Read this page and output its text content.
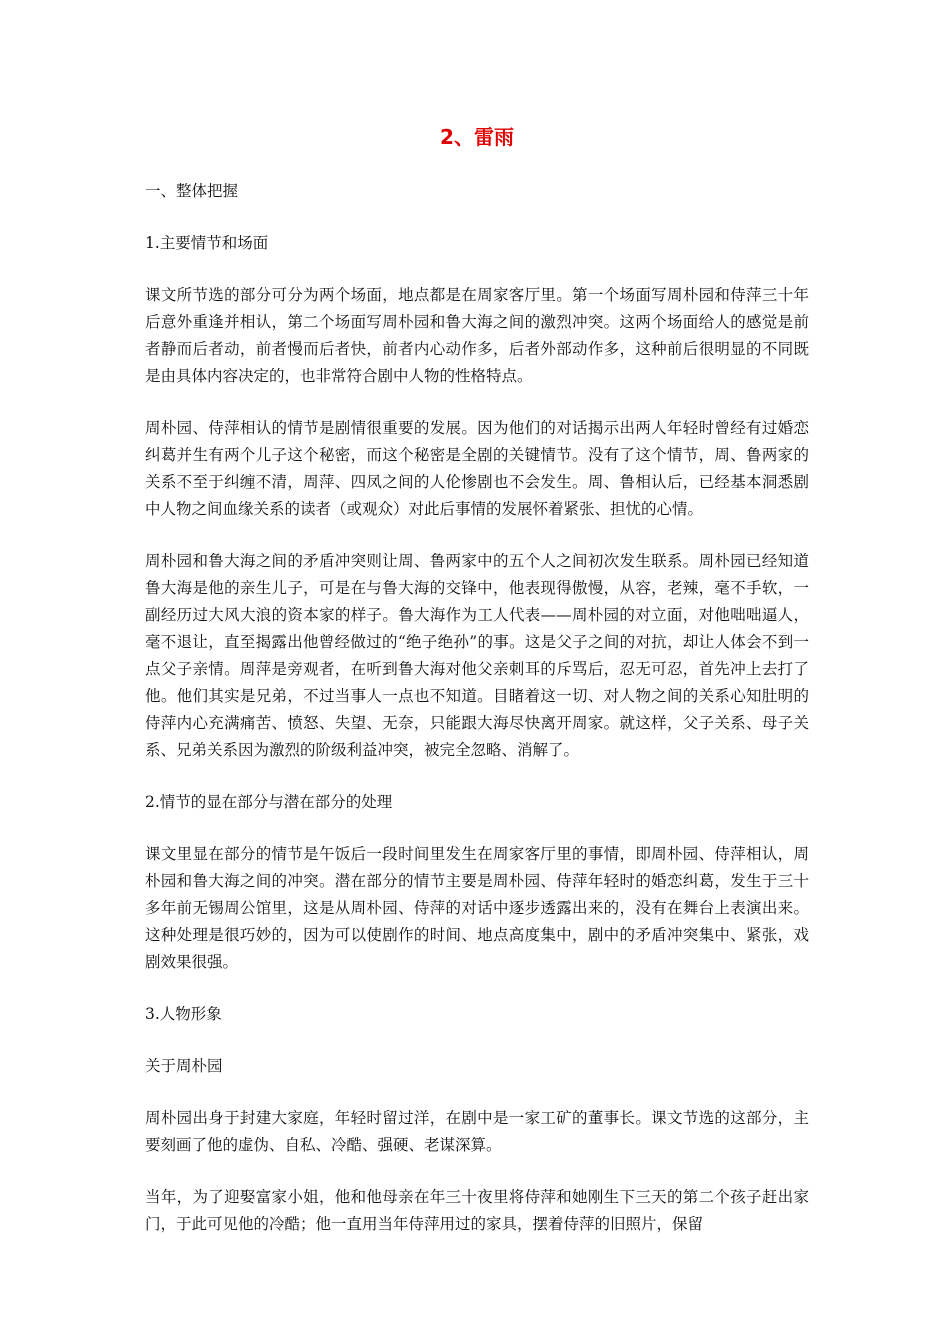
2、雷雨
一、整体把握
1.主要情节和场面
课文所节选的部分可分为两个场面，地点都是在周家客厅里。第一个场面写周朴园和侍萍三十年后意外重逢并相认，第二个场面写周朴园和鲁大海之间的激烈冲突。这两个场面给人的感觉是前者静而后者动，前者慢而后者快，前者内心动作多，后者外部动作多，这种前后很明显的不同既是由具体内容决定的，也非常符合剧中人物的性格特点。
周朴园、侍萍相认的情节是剧情很重要的发展。因为他们的对话揭示出两人年轻时曾经有过婚恋纠葛并生有两个儿子这个秘密，而这个秘密是全剧的关键情节。没有了这个情节，周、鲁两家的关系不至于纠缠不清，周萍、四凤之间的人伦惨剧也不会发生。周、鲁相认后，已经基本洞悉剧中人物之间血缘关系的读者（或观众）对此后事情的发展怀着紧张、担忧的心情。
周朴园和鲁大海之间的矛盾冲突则让周、鲁两家中的五个人之间初次发生联系。周朴园已经知道鲁大海是他的亲生儿子，可是在与鲁大海的交锋中，他表现得傲慢，从容，老辣，毫不手软，一副经历过大风大浪的资本家的样子。鲁大海作为工人代表——周朴园的对立面，对他咄咄逼人，毫不退让，直至揭露出他曾经做过的“绝子绝孙”的事。这是父子之间的对抗，却让人体会不到一点父子亲情。周萍是旁观者，在听到鲁大海对他父亲刺耳的斥骂后，忍无可忍，首先冲上去打了他。他们其实是兄弟，不过当事人一点也不知道。目睹着这一切、对人物之间的关系心知肚明的侍萍内心充满痛苦、愤怒、失望、无奈，只能跟大海尽快离开周家。就这样，父子关系、母子关系、兄弟关系因为激烈的阶级利益冲突，被完全忽略、消解了。
2.情节的显在部分与潜在部分的处理
课文里显在部分的情节是午饭后一段时间里发生在周家客厅里的事情，即周朴园、侍萍相认，周朴园和鲁大海之间的冲突。潜在部分的情节主要是周朴园、侍萍年轻时的婚恋纠葛，发生于三十多年前无锡周公馆里，这是从周朴园、侍萍的对话中逐步透露出来的，没有在舞台上表演出来。这种处理是很巧妙的，因为可以使剧作的时间、地点高度集中，剧中的矛盾冲突集中、紧张，戏剧效果很强。
3.人物形象
关于周朴园
周朴园出身于封建大家庭，年轻时留过洋，在剧中是一家工矿的董事长。课文节选的这部分，主要刻画了他的虚伪、自私、冷酷、强硬、老谋深算。
当年，为了迎娶富家小姐，他和他母亲在年三十夜里将侍萍和她刚生下三天的第二个孩子赶出家门，于此可见他的冷酷；他一直用当年侍萍用过的家具，摆着侍萍的旧照片，保留
